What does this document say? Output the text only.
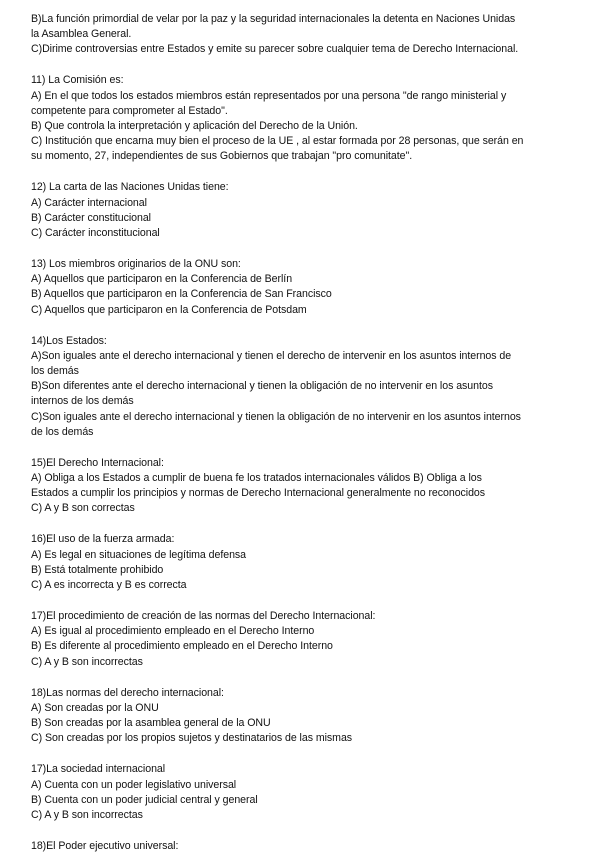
B)La función primordial de velar por la paz y la seguridad internacionales la detenta en Naciones Unidas

la Asamblea General.

C)Dirime controversias entre Estados y emite su parecer sobre cualquier tema de Derecho Internacional.

11) La Comisión es:

A) En el que todos los estados miembros están representados por una persona "de rango ministerial y

competente para comprometer al Estado".

B) Que controla la interpretación y aplicación del Derecho de la Unión.

C) Institución que encarna muy bien el proceso de la UE , al estar formada por 28 personas, que serán en

su momento, 27, independientes de sus Gobiernos que trabajan "pro comunitate".

12) La carta de las Naciones Unidas tiene:

A) Carácter internacional

B) Carácter constitucional

C) Carácter inconstitucional

13) Los miembros originarios de la ONU son:

A) Aquellos que participaron en la Conferencia de Berlín

B) Aquellos que participaron en la Conferencia de San Francisco

C) Aquellos que participaron en la Conferencia de Potsdam

14)Los Estados:

A)Son iguales ante el derecho internacional y tienen el derecho de intervenir en los asuntos internos de

los demás

B)Son diferentes ante el derecho internacional y tienen la obligación de no intervenir en los asuntos

internos de los demás

C)Son iguales ante el derecho internacional y tienen la obligación de no intervenir en los asuntos internos

de los demás

15)El Derecho Internacional:

A) Obliga a los Estados a cumplir de buena fe los tratados internacionales válidos B) Obliga a los

Estados a cumplir los principios y normas de Derecho Internacional generalmente no reconocidos

C) A y B son correctas

16)El uso de la fuerza armada:

A) Es legal en situaciones de legítima defensa

B) Está totalmente prohibido

C) A es incorrecta y B es correcta

17)El procedimiento de creación de las normas del Derecho Internacional:

A) Es igual al procedimiento empleado en el Derecho Interno

B) Es diferente al procedimiento empleado en el Derecho Interno

C) A y B son incorrectas

18)Las normas del derecho internacional:

A) Son creadas por la ONU

B) Son creadas por la asamblea general de la ONU

C) Son creadas por los propios sujetos y destinatarios de las mismas

17)La sociedad internacional

A) Cuenta con un poder legislativo universal

B) Cuenta con un poder judicial central y general

C) A y B son incorrectas

18)El Poder ejecutivo universal:
